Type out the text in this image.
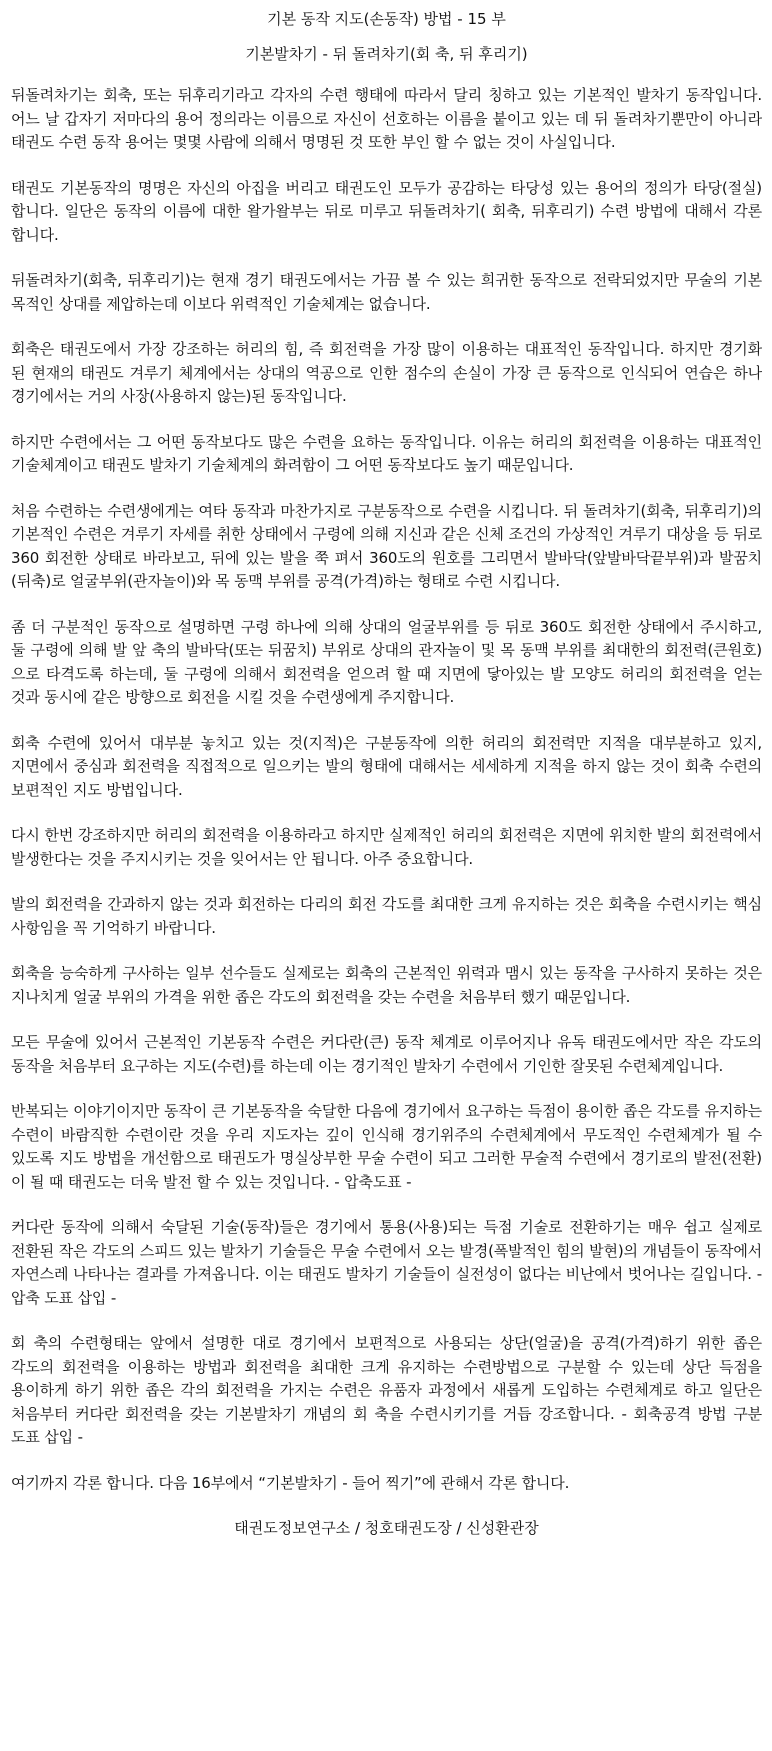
기본 동작 지도(손동작) 방법 - 15 부

기본발차기 - 뒤 돌려차기(회 축, 뒤 후리기)

뒤돌려차기는 회축, 또는 뒤후리기라고 각자의 수련 행태에 따라서 달리 칭하고 있는 기본적인 발차기 동작입니다. 어느 날 갑자기 저마다의 용어 정의라는 이름으로 자신이 선호하는 이름을 붙이고 있는 데 뒤 돌려차기뿐만이 아니라 태권도 수련 동작 용어는 몇몇 사람에 의해서 명명된 것 또한 부인 할 수 없는 것이 사실입니다.

태권도 기본동작의 명명은 자신의 아집을 버리고 태권도인 모두가 공감하는 타당성 있는 용어의 정의가 타당(절실)합니다. 일단은 동작의 이름에 대한 왈가왈부는 뒤로 미루고 뒤돌려차기( 회축, 뒤후리기) 수련 방법에 대해서 각론 합니다.

뒤돌려차기(회축, 뒤후리기)는 현재 경기 태권도에서는 가끔 볼 수 있는 희귀한 동작으로 전락되었지만 무술의 기본 목적인 상대를 제압하는데 이보다 위력적인 기술체계는 없습니다.

회축은 태권도에서 가장 강조하는 허리의 힘, 즉 회전력을 가장 많이 이용하는 대표적인 동작입니다. 하지만 경기화 된 현재의 태권도 겨루기 체계에서는 상대의 역공으로 인한 점수의 손실이 가장 큰 동작으로 인식되어 연습은 하나 경기에서는 거의 사장(사용하지 않는)된 동작입니다.

하지만 수련에서는 그 어떤 동작보다도 많은 수련을 요하는 동작입니다. 이유는 허리의 회전력을 이용하는 대표적인 기술체계이고 태권도 발차기 기술체계의 화려함이 그 어떤 동작보다도 높기 때문입니다.

처음 수련하는 수련생에게는 여타 동작과 마찬가지로 구분동작으로 수련을 시킵니다. 뒤 돌려차기(회축, 뒤후리기)의 기본적인 수련은 겨루기 자세를 취한 상태에서 구령에 의해 지신과 같은 신체 조건의 가상적인 겨루기 대상을 등 뒤로 360 회전한 상태로 바라보고, 뒤에 있는 발을 쭉 펴서 360도의 원호를 그리면서 발바닥(앞발바닥끝부위)과 발꿈치(뒤축)로 얼굴부위(관자놀이)와 목 동맥 부위를 공격(가격)하는 형태로 수련 시킵니다.

좀 더 구분적인 동작으로 설명하면 구령 하나에 의해 상대의 얼굴부위를 등 뒤로 360도 회전한 상태에서 주시하고, 둘 구령에 의해 발 앞 축의 발바닥(또는 뒤꿈치) 부위로 상대의 관자놀이 및 목 동맥 부위를 최대한의 회전력(큰원호)으로 타격도록 하는데, 둘 구령에 의해서 회전력을 얻으려 할 때 지면에 닿아있는 발 모양도 허리의 회전력을 얻는 것과 동시에 같은 방향으로 회전을 시킬 것을 수련생에게 주지합니다.

회축 수련에 있어서 대부분 놓치고 있는 것(지적)은 구분동작에 의한 허리의 회전력만 지적을 대부분하고 있지, 지면에서 중심과 회전력을 직접적으로 일으키는 발의 형태에 대해서는 세세하게 지적을 하지 않는 것이 회축 수련의 보편적인 지도 방법입니다.

다시 한번 강조하지만 허리의 회전력을 이용하라고 하지만 실제적인 허리의 회전력은 지면에 위치한 발의 회전력에서 발생한다는 것을 주지시키는 것을 잊어서는 안 됩니다. 아주 중요합니다.

발의 회전력을 간과하지 않는 것과 회전하는 다리의 회전 각도를 최대한 크게 유지하는 것은 회축을 수련시키는 핵심 사항임을 꼭 기억하기 바랍니다.

회축을 능숙하게 구사하는 일부 선수들도 실제로는 회축의 근본적인 위력과 맴시 있는 동작을 구사하지 못하는 것은 지나치게 얼굴 부위의 가격을 위한 좁은 각도의 회전력을 갖는 수련을 처음부터 했기 때문입니다.

모든 무술에 있어서 근본적인 기본동작 수련은 커다란(큰) 동작 체계로 이루어지나 유독 태권도에서만 작은 각도의 동작을 처음부터 요구하는 지도(수련)를 하는데 이는 경기적인 발차기 수련에서 기인한 잘못된 수련체계입니다.

반복되는 이야기이지만 동작이 큰 기본동작을 숙달한 다음에 경기에서 요구하는 득점이 용이한 좁은 각도를 유지하는 수련이 바람직한 수련이란 것을 우리 지도자는 깊이 인식해 경기위주의 수련체계에서 무도적인 수련체계가 될 수 있도록 지도 방법을 개선함으로 태권도가 명실상부한 무술 수련이 되고 그러한 무술적 수련에서 경기로의 발전(전환)이 될 때 태권도는 더욱 발전 할 수 있는 것입니다. - 압축도표 -

커다란 동작에 의해서 숙달된 기술(동작)들은 경기에서 통용(사용)되는 득점 기술로 전환하기는 매우 쉽고 실제로 전환된 작은 각도의 스피드 있는 발차기 기술들은 무술 수련에서 오는 발경(폭발적인 힘의 발현)의 개념들이 동작에서 자연스레 나타나는 결과를 가져옵니다. 이는 태권도 발차기 기술들이 실전성이 없다는 비난에서 벗어나는 길입니다. - 압축 도표 삽입 -

회 축의 수련형태는 앞에서 설명한 대로 경기에서 보편적으로 사용되는 상단(얼굴)을 공격(가격)하기 위한 좁은 각도의 회전력을 이용하는 방법과 회전력을 최대한 크게 유지하는 수련방법으로 구분할 수 있는데 상단 득점을 용이하게 하기 위한 좁은 각의 회전력을 가지는 수련은 유품자 과정에서 새롭게 도입하는 수련체계로 하고 일단은 처음부터 커다란 회전력을 갖는 기본발차기 개념의 회 축을 수련시키기를 거듭 강조합니다. - 회축공격 방법 구분 도표 삽입 -

여기까지 각론 합니다. 다음 16부에서 “기본발차기 - 들어 찍기”에 관해서 각론 합니다.

태권도정보연구소 / 청호태권도장 / 신성환관장
